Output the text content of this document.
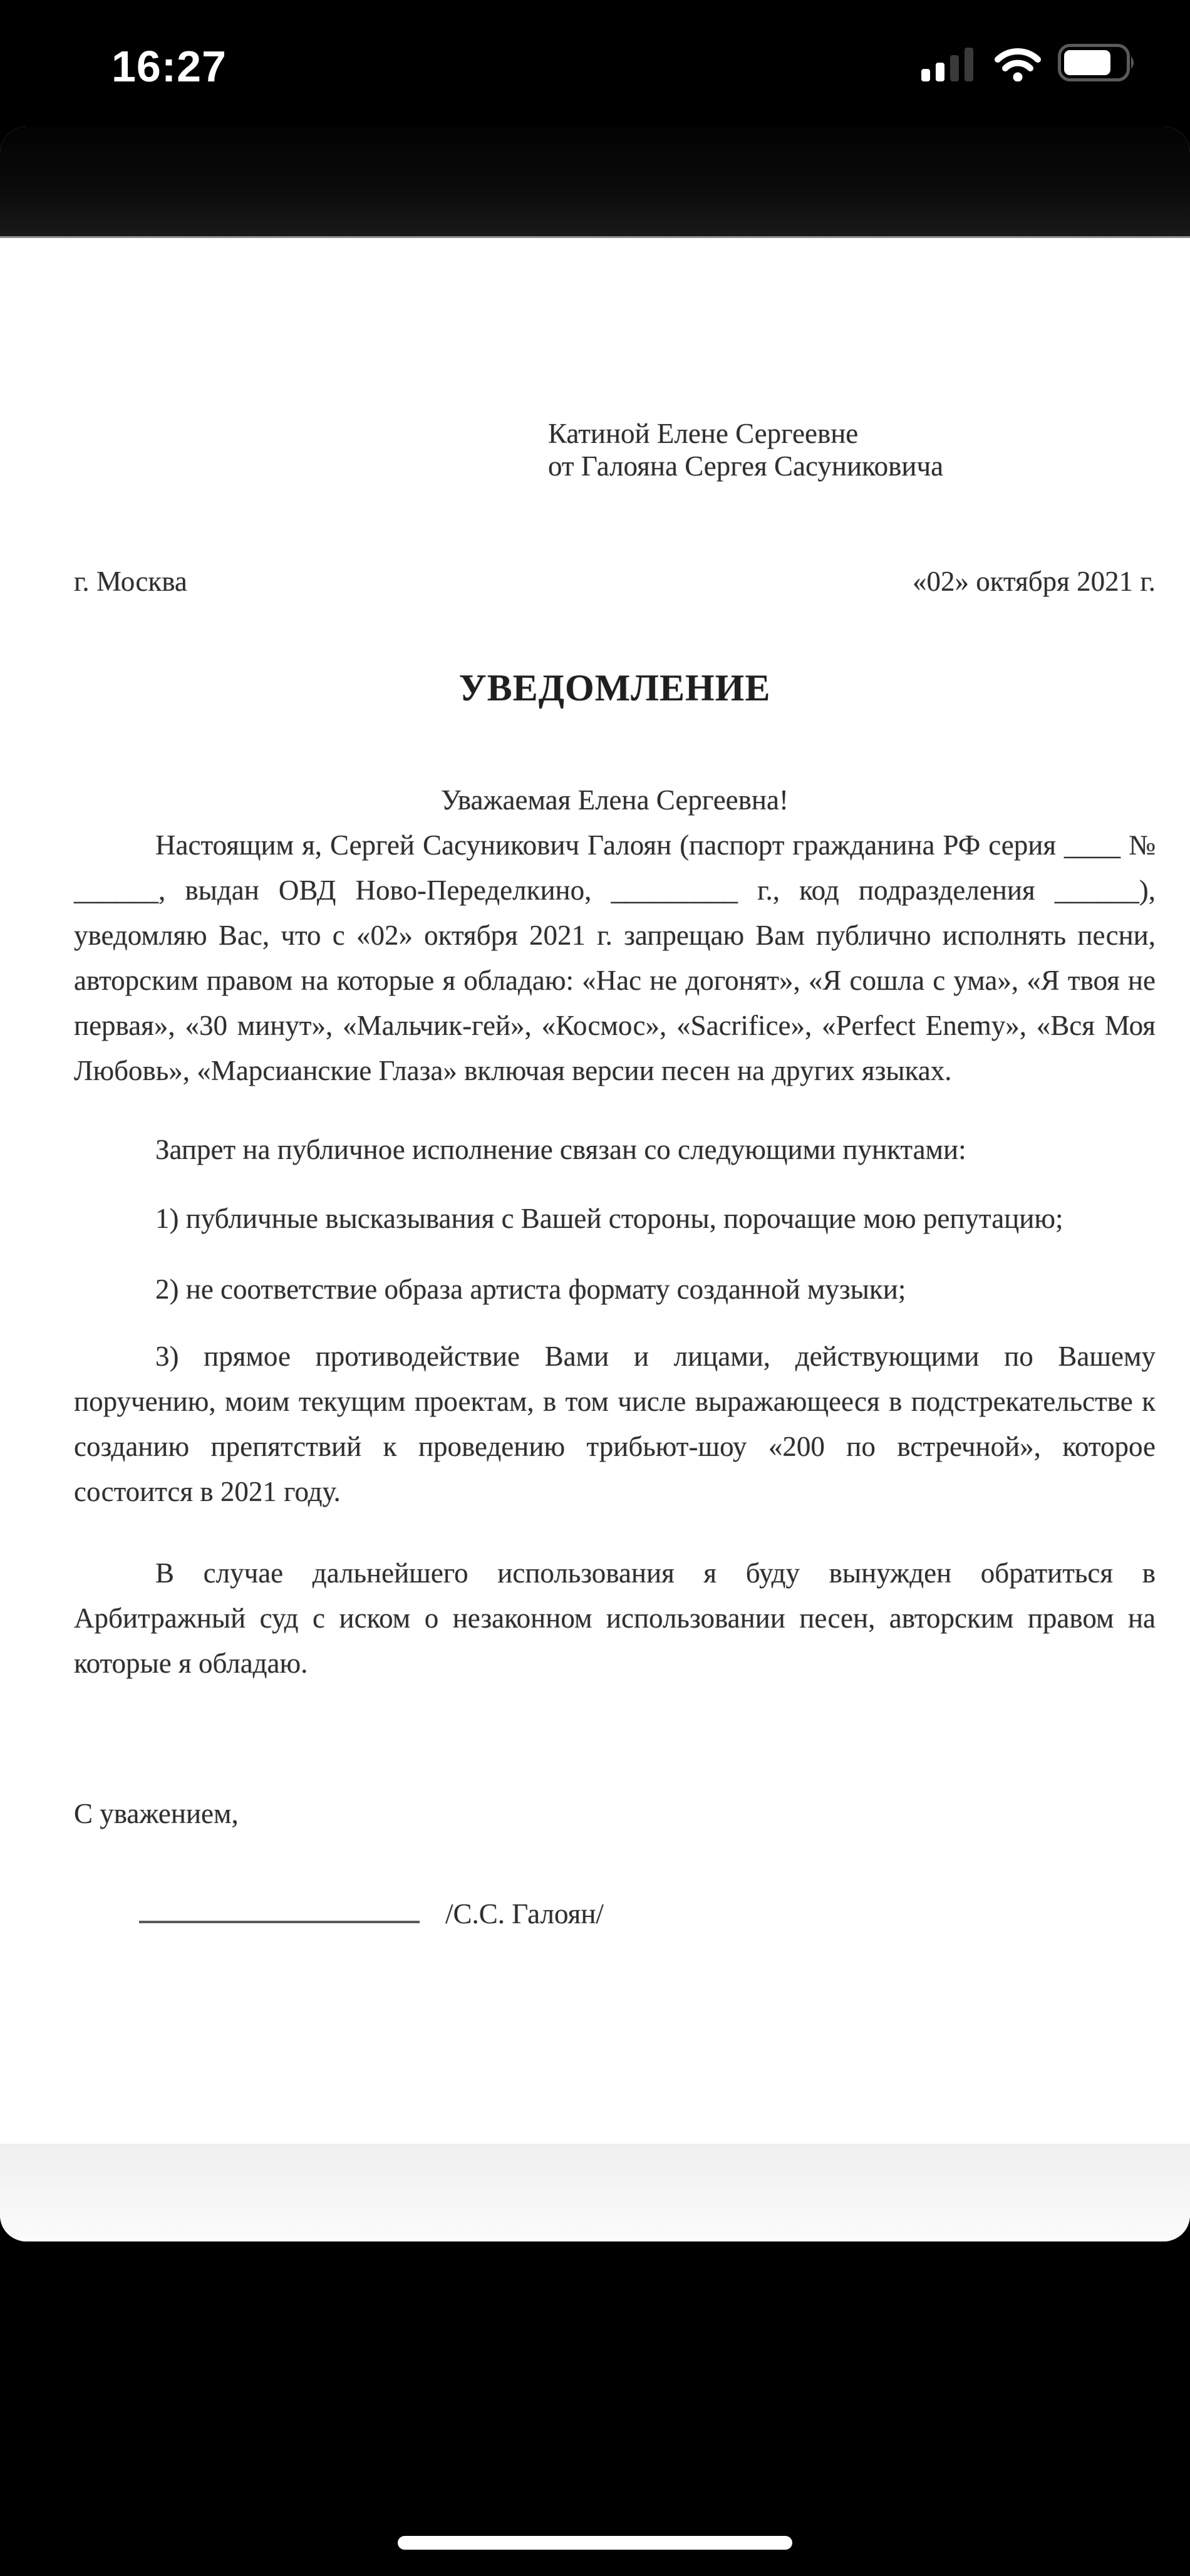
16:27
Катиной Елене Сергеевне
от Галояна Сергея Сасуниковича
г. Москва	«02» октября 2021 г.
УВЕДОМЛЕНИЕ
Уважаемая Елена Сергеевна!

Настоящим я, Сергей Сасуникович Галоян (паспорт гражданина РФ серия ____ № ______, выдан ОВД Ново-Переделкино, _________ г., код подразделения ______), уведомляю Вас, что с «02» октября 2021 г. запрещаю Вам публично исполнять песни, авторским правом на которые я обладаю: «Нас не догонят», «Я сошла с ума», «Я твоя не первая», «30 минут», «Мальчик-гей», «Космос», «Sacrifice», «Perfect Enemy», «Вся Моя Любовь», «Марсианские Глаза» включая версии песен на других языках.

Запрет на публичное исполнение связан со следующими пунктами:

1) публичные высказывания с Вашей стороны, порочащие мою репутацию;

2) не соответствие образа артиста формату созданной музыки;

3) прямое противодействие Вами и лицами, действующими по Вашему поручению, моим текущим проектам, в том числе выражающееся в подстрекательстве к созданию препятствий к проведению трибьют-шоу «200 по встречной», которое состоится в 2021 году.

В случае дальнейшего использования я буду вынужден обратиться в Арбитражный суд с иском о незаконном использовании песен, авторским правом на которые я обладаю.

С уважением,

/С.С. Галоян/
